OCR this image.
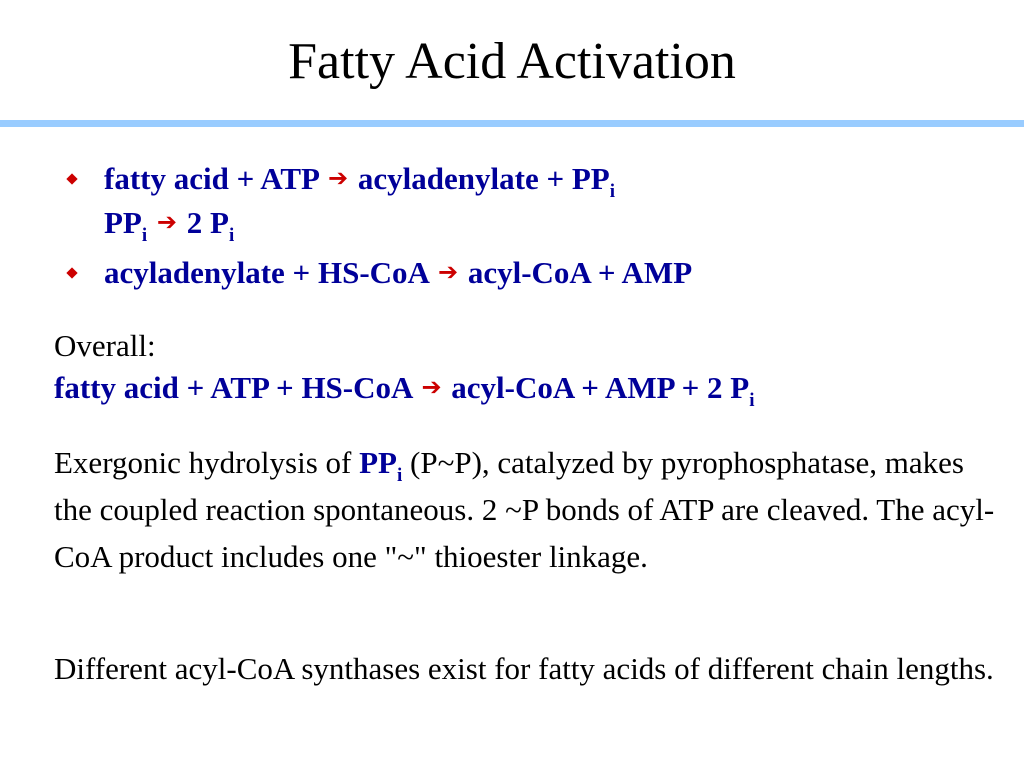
Fatty Acid Activation
fatty acid + ATP ➔ acyladenylate + $PP_i$
$PP_i$ ➔ 2 $P_i$
acyladenylate + HS-CoA ➔ acyl-CoA + AMP
Overall:
fatty acid + ATP + HS-CoA ➔ acyl-CoA + AMP + 2 $P_i$
Exergonic hydrolysis of $PP_i$ (P~P), catalyzed by pyrophosphatase, makes the coupled reaction spontaneous. 2 ~P bonds of ATP are cleaved. The acyl-CoA product includes one "~" thioester linkage.
Different acyl-CoA synthases exist for fatty acids of different chain lengths.
